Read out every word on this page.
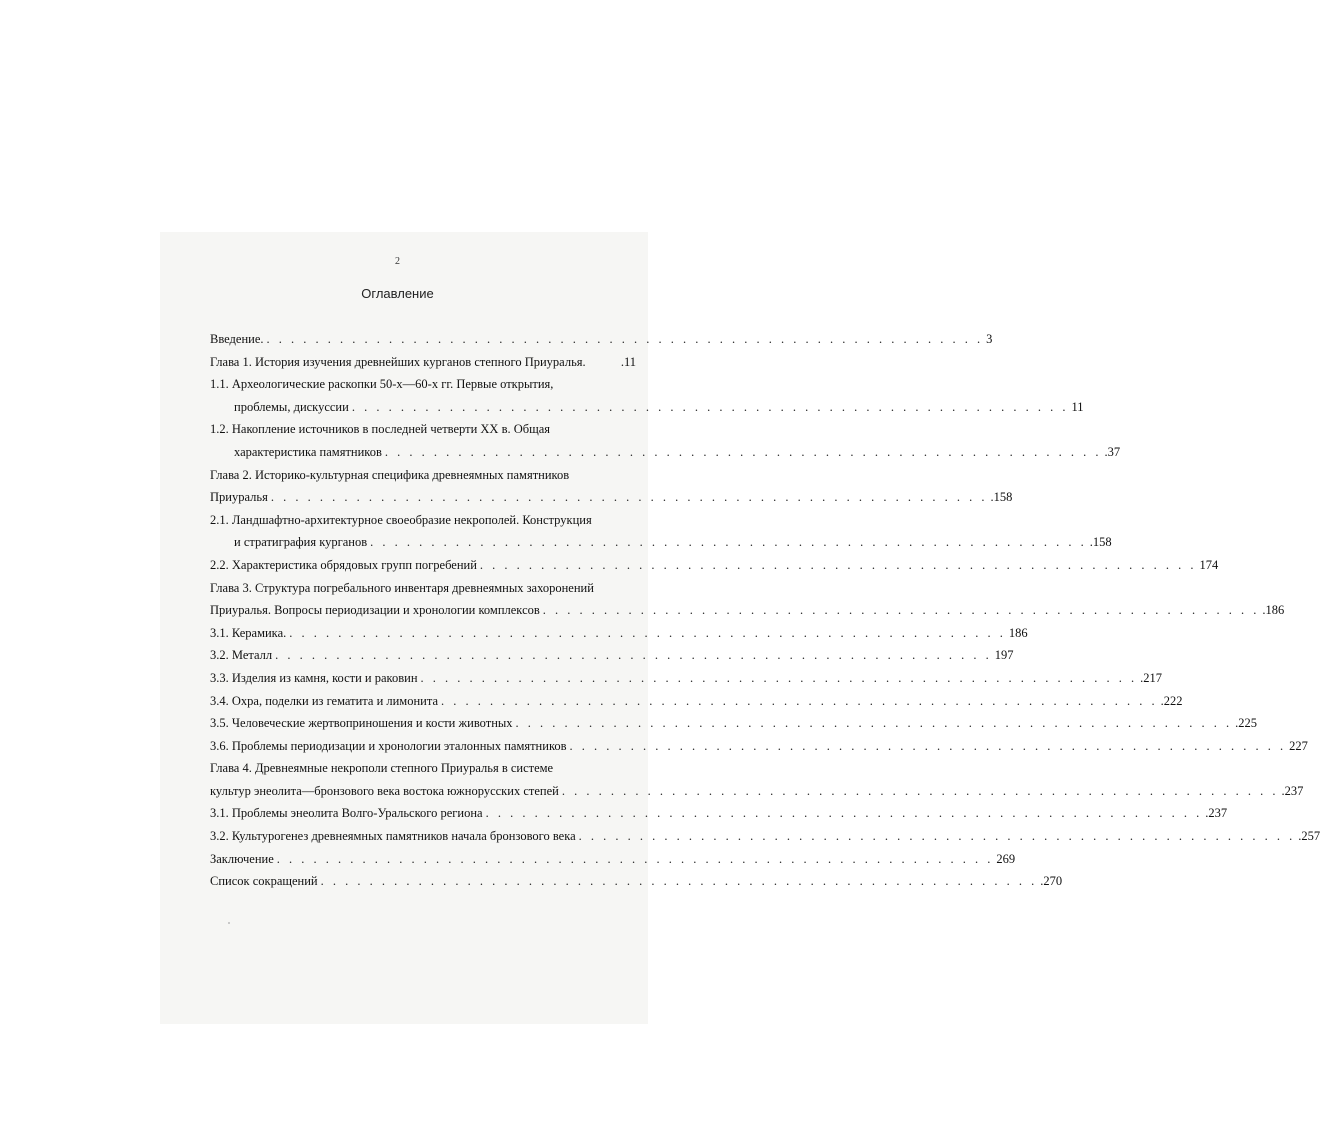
2
Оглавление
Введение. . . . . . . . . . . . . . . . . . . . . . . . . . . . . . . . . . . . . . . . . . . . . . . . . . . . . . . . . . . . 3
Глава 1. История изучения древнейших курганов степного Приуралья.	.11
1.1. Археологические раскопки 50-х—60-х гг. Первые открытия,
проблемы, дискуссии . . . . . . . . . . . . . . . . . . . . . . . . . . . . . . . . . . . . . . . . . . . . . . . . . . . . . . . . . . . 11
1.2. Накопление источников в последней четверти XX в. Общая
характеристика памятников . . . . . . . . . . . . . . . . . . . . . . . . . . . . . . . . . . . . . . . . . . . . . . . . . . . . . . . . . . . .37
Глава 2. Историко-культурная специфика древнеямных памятников
Приуралья . . . . . . . . . . . . . . . . . . . . . . . . . . . . . . . . . . . . . . . . . . . . . . . . . . . . . . . . . . . .158
2.1. Ландшафтно-архитектурное своеобразие некрополей. Конструкция
и стратиграфия курганов . . . . . . . . . . . . . . . . . . . . . . . . . . . . . . . . . . . . . . . . . . . . . . . . . . . . . . . . . . . .158
2.2. Характеристика обрядовых групп погребений . . . . . . . . . . . . . . . . . . . . . . . . . . . . . . . . . . . . . . . . . . . . . . . . . . . . . . . . . . . 174
Глава 3. Структура погребального инвентаря древнеямных захоронений
Приуралья. Вопросы периодизации и хронологии комплексов . . . . . . . . . . . . . . . . . . . . . . . . . . . . . . . . . . . . . . . . . . . . . . . . . . . . . . . . . . . .186
3.1. Керамика. . . . . . . . . . . . . . . . . . . . . . . . . . . . . . . . . . . . . . . . . . . . . . . . . . . . . . . . . . . . 186
3.2. Металл . . . . . . . . . . . . . . . . . . . . . . . . . . . . . . . . . . . . . . . . . . . . . . . . . . . . . . . . . . . 197
3.3. Изделия из камня, кости и раковин . . . . . . . . . . . . . . . . . . . . . . . . . . . . . . . . . . . . . . . . . . . . . . . . . . . . . . . . . . . .217
3.4. Охра, поделки из гематита и лимонита . . . . . . . . . . . . . . . . . . . . . . . . . . . . . . . . . . . . . . . . . . . . . . . . . . . . . . . . . . . .222
3.5. Человеческие жертвоприношения и кости животных . . . . . . . . . . . . . . . . . . . . . . . . . . . . . . . . . . . . . . . . . . . . . . . . . . . . . . . . . . . .225
3.6. Проблемы периодизации и хронологии эталонных памятников . . . . . . . . . . . . . . . . . . . . . . . . . . . . . . . . . . . . . . . . . . . . . . . . . . . . . . . . . . . 227
Глава 4. Древнеямные некрополи степного Приуралья в системе
культур энеолита—бронзового века востока южнорусских степей . . . . . . . . . . . . . . . . . . . . . . . . . . . . . . . . . . . . . . . . . . . . . . . . . . . . . . . . . . . .237
3.1. Проблемы энеолита Волго-Уральского региона . . . . . . . . . . . . . . . . . . . . . . . . . . . . . . . . . . . . . . . . . . . . . . . . . . . . . . . . . . . .237
3.2. Культурогенез древнеямных памятников начала бронзового века . . . . . . . . . . . . . . . . . . . . . . . . . . . . . . . . . . . . . . . . . . . . . . . . . . . . . . . . . . . .257
Заключение . . . . . . . . . . . . . . . . . . . . . . . . . . . . . . . . . . . . . . . . . . . . . . . . . . . . . . . . . . . 269
Список сокращений . . . . . . . . . . . . . . . . . . . . . . . . . . . . . . . . . . . . . . . . . . . . . . . . . . . . . . . . . . . .270
